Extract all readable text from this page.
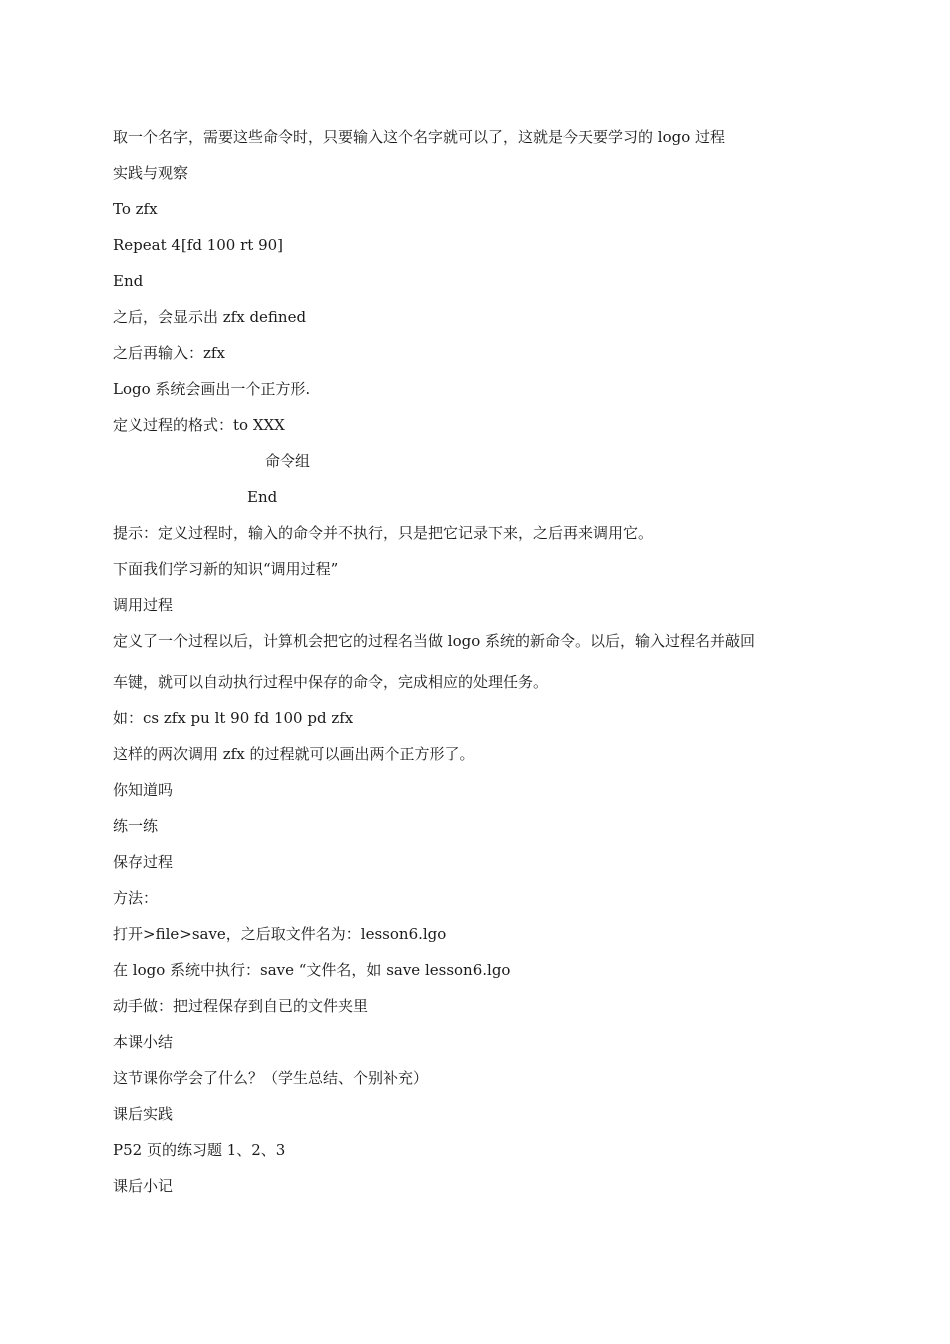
取一个名字，需要这些命令时，只要输入这个名字就可以了，这就是今天要学习的 logo 过程

实践与观察

To zfx

Repeat 4[fd 100 rt 90]

End

之后，会显示出 zfx defined

之后再输入：zfx

Logo 系统会画出一个正方形.

定义过程的格式：to XXX

命令组

End

提示：定义过程时，输入的命令并不执行，只是把它记录下来，之后再来调用它。

下面我们学习新的知识“调用过程”

调用过程

定义了一个过程以后，计算机会把它的过程名当做 logo 系统的新命令。以后，输入过程名并敲回

车键，就可以自动执行过程中保存的命令，完成相应的处理任务。

如：cs zfx pu lt 90 fd 100 pd zfx

这样的两次调用 zfx 的过程就可以画出两个正方形了。

你知道吗

练一练

保存过程

方法：

打开>file>save，之后取文件名为：lesson6.lgo

在 logo 系统中执行：save “文件名，如 save lesson6.lgo

动手做：把过程保存到自已的文件夹里

本课小结

这节课你学会了什么？（学生总结、个别补充）

课后实践

P52 页的练习题 1、2、3

课后小记
